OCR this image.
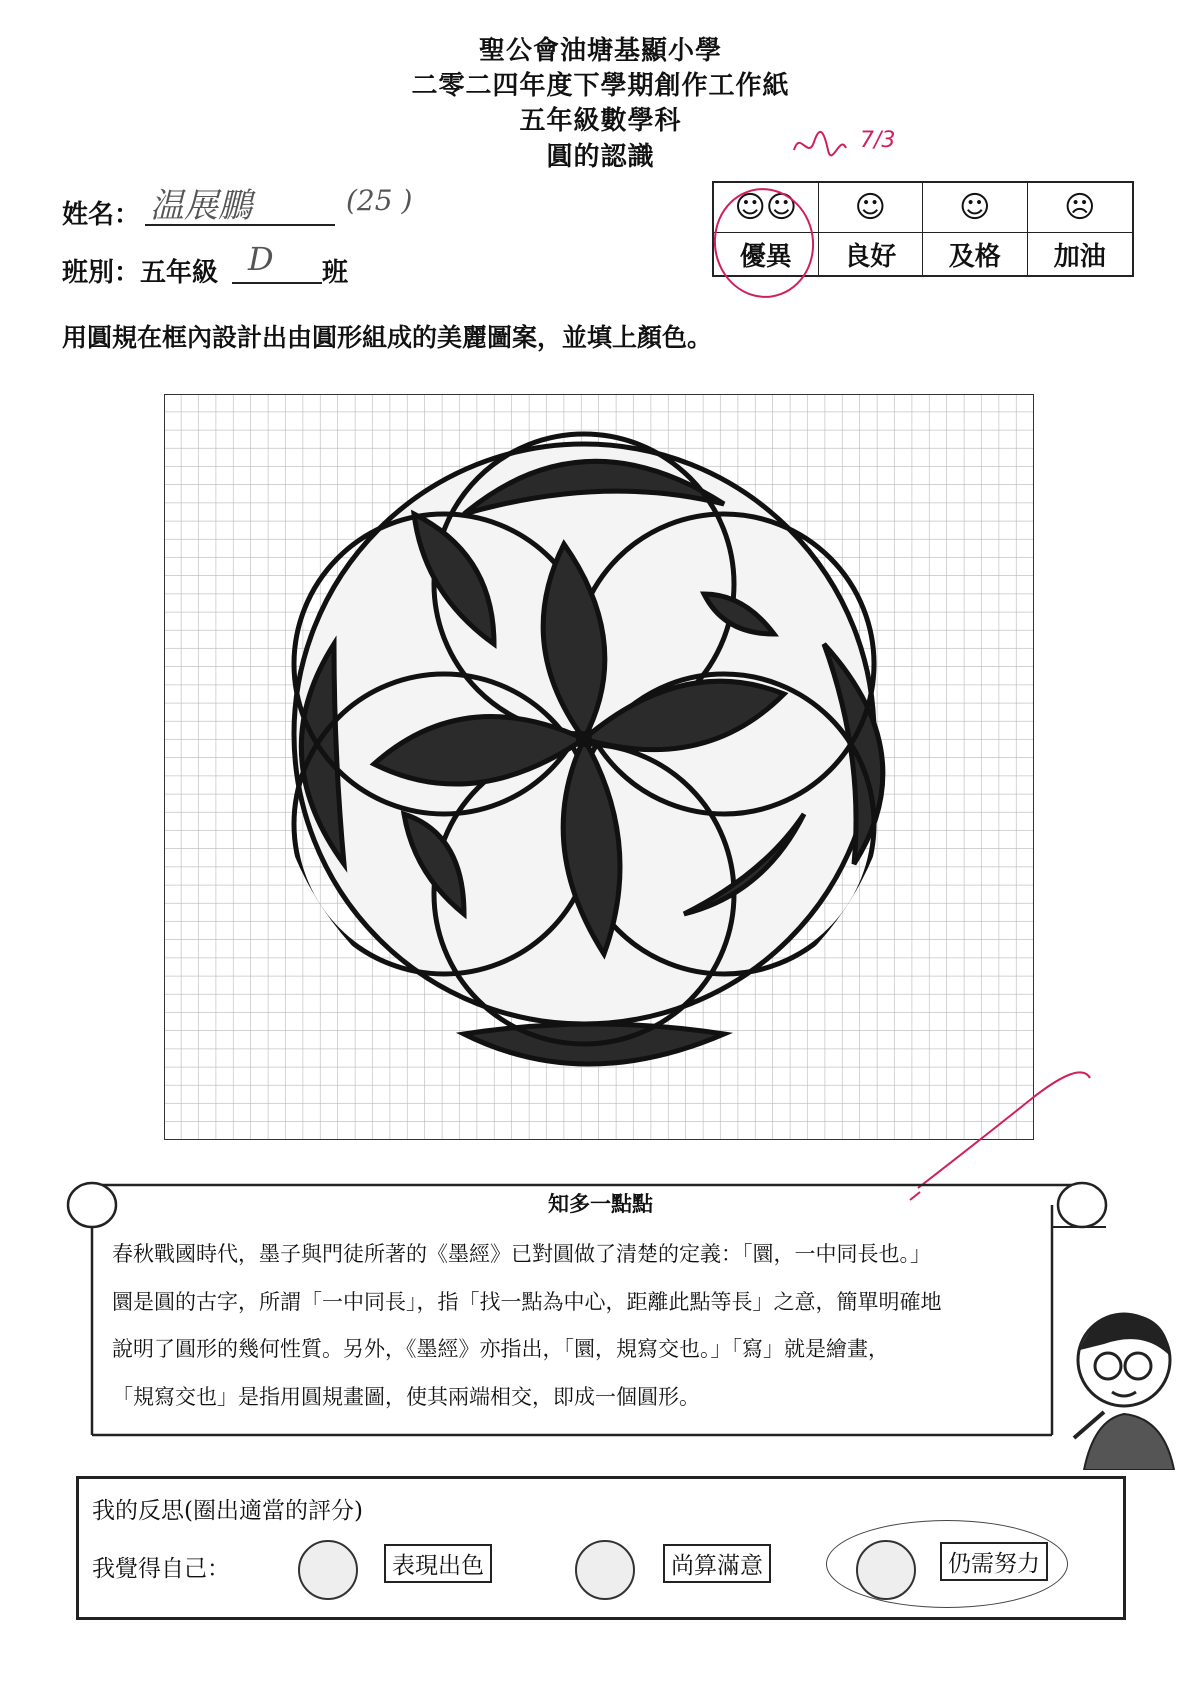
聖公會油塘基顯小學
二零二四年度下學期創作工作紙
五年級數學科
圓的認識
7/3
姓名： 温展鵬	(25 )
班別：五年級 D 班
☺☺	☺	☺	☹
優異	良好	及格	加油
用圓規在框內設計出由圓形組成的美麗圖案，並填上顏色。
知多一點點
春秋戰國時代，墨子與門徒所著的《墨經》已對圓做了清楚的定義：「圜，一中同長也。」
圜是圓的古字，所謂「一中同長」，指「找一點為中心，距離此點等長」之意，簡單明確地
說明了圓形的幾何性質。另外，《墨經》亦指出，「圜，規寫交也。」「寫」就是繪畫，
「規寫交也」是指用圓規畫圖，使其兩端相交，即成一個圓形。
我的反思(圈出適當的評分)
我覺得自己：	表現出色	尚算滿意	仍需努力
